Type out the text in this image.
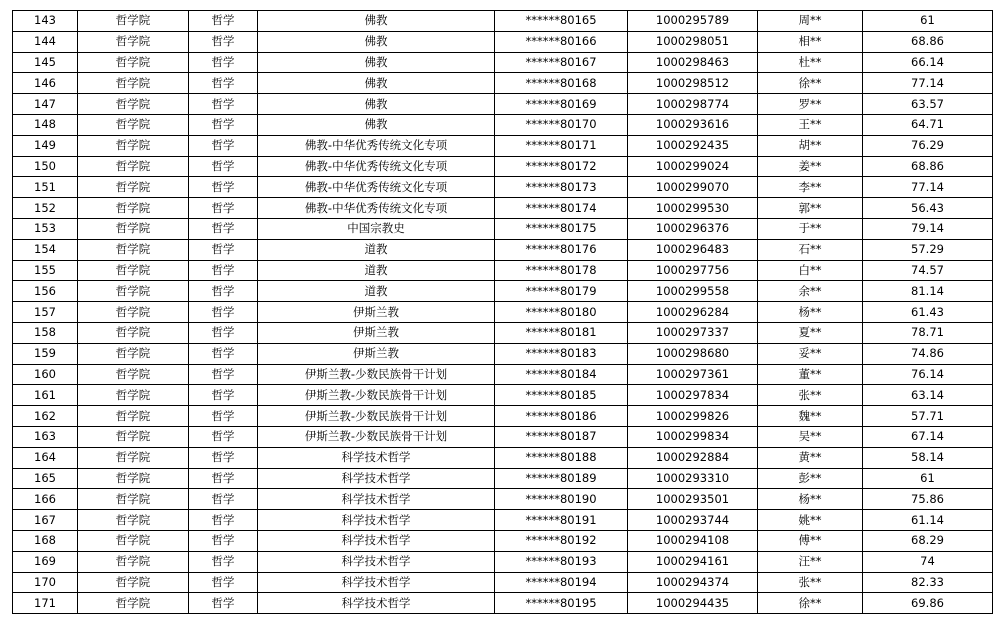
143	哲学院	哲学	佛教	******80165	1000295789	周**	61
144	哲学院	哲学	佛教	******80166	1000298051	相**	68.86
145	哲学院	哲学	佛教	******80167	1000298463	杜**	66.14
146	哲学院	哲学	佛教	******80168	1000298512	徐**	77.14
147	哲学院	哲学	佛教	******80169	1000298774	罗**	63.57
148	哲学院	哲学	佛教	******80170	1000293616	王**	64.71
149	哲学院	哲学	佛教-中华优秀传统文化专项	******80171	1000292435	胡**	76.29
150	哲学院	哲学	佛教-中华优秀传统文化专项	******80172	1000299024	姜**	68.86
151	哲学院	哲学	佛教-中华优秀传统文化专项	******80173	1000299070	李**	77.14
152	哲学院	哲学	佛教-中华优秀传统文化专项	******80174	1000299530	郭**	56.43
153	哲学院	哲学	中国宗教史	******80175	1000296376	于**	79.14
154	哲学院	哲学	道教	******80176	1000296483	石**	57.29
155	哲学院	哲学	道教	******80178	1000297756	白**	74.57
156	哲学院	哲学	道教	******80179	1000299558	余**	81.14
157	哲学院	哲学	伊斯兰教	******80180	1000296284	杨**	61.43
158	哲学院	哲学	伊斯兰教	******80181	1000297337	夏**	78.71
159	哲学院	哲学	伊斯兰教	******80183	1000298680	妥**	74.86
160	哲学院	哲学	伊斯兰教-少数民族骨干计划	******80184	1000297361	董**	76.14
161	哲学院	哲学	伊斯兰教-少数民族骨干计划	******80185	1000297834	张**	63.14
162	哲学院	哲学	伊斯兰教-少数民族骨干计划	******80186	1000299826	魏**	57.71
163	哲学院	哲学	伊斯兰教-少数民族骨干计划	******80187	1000299834	吴**	67.14
164	哲学院	哲学	科学技术哲学	******80188	1000292884	黄**	58.14
165	哲学院	哲学	科学技术哲学	******80189	1000293310	彭**	61
166	哲学院	哲学	科学技术哲学	******80190	1000293501	杨**	75.86
167	哲学院	哲学	科学技术哲学	******80191	1000293744	姚**	61.14
168	哲学院	哲学	科学技术哲学	******80192	1000294108	傅**	68.29
169	哲学院	哲学	科学技术哲学	******80193	1000294161	汪**	74
170	哲学院	哲学	科学技术哲学	******80194	1000294374	张**	82.33
171	哲学院	哲学	科学技术哲学	******80195	1000294435	徐**	69.86
